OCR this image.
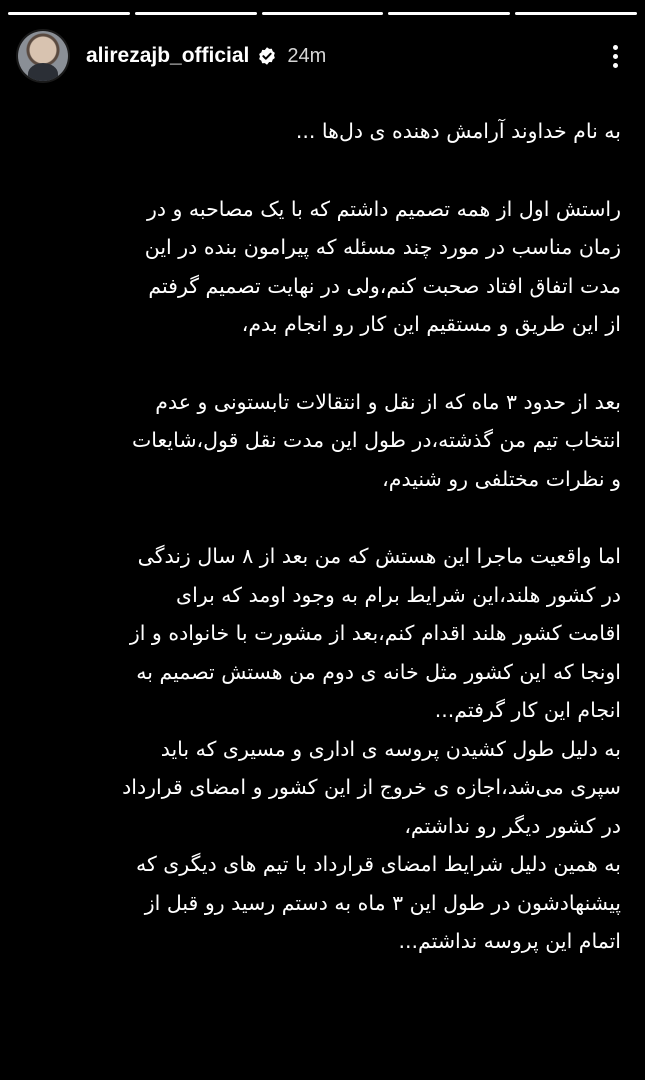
alirezajb_official 24m

به نام خداوند آرامش دهنده ی دل‌ها ...

راستش اول از همه تصمیم داشتم که با یک مصاحبه و در

زمان مناسب در مورد چند مسئله که پیرامون بنده در این

مدت اتفاق افتاد صحبت کنم،ولی در نهایت تصمیم گرفتم

از این طریق و مستقیم این کار رو انجام بدم،

بعد از حدود ۳ ماه که از نقل و انتقالات تابستونی و عدم

انتخاب تیم من گذشته،در طول این مدت نقل قول،شایعات

و نظرات مختلفی رو شنیدم،

اما واقعیت ماجرا این هستش که من بعد از ۸ سال زندگی

در کشور هلند،این شرایط برام به وجود اومد که برای

اقامت کشور هلند اقدام کنم،بعد از مشورت با خانواده و از

اونجا که این کشور مثل خانه ی دوم من هستش تصمیم به

انجام این کار گرفتم...

به دلیل طول کشیدن پروسه ی اداری و مسیری که باید

سپری می‌شد،اجازه ی خروج از این کشور و امضای قرارداد

در کشور دیگر رو نداشتم،

به همین دلیل شرایط امضای قرارداد با تیم های دیگری که

پیشنهادشون در طول این ۳ ماه به دستم رسید رو قبل از

اتمام این پروسه نداشتم...
